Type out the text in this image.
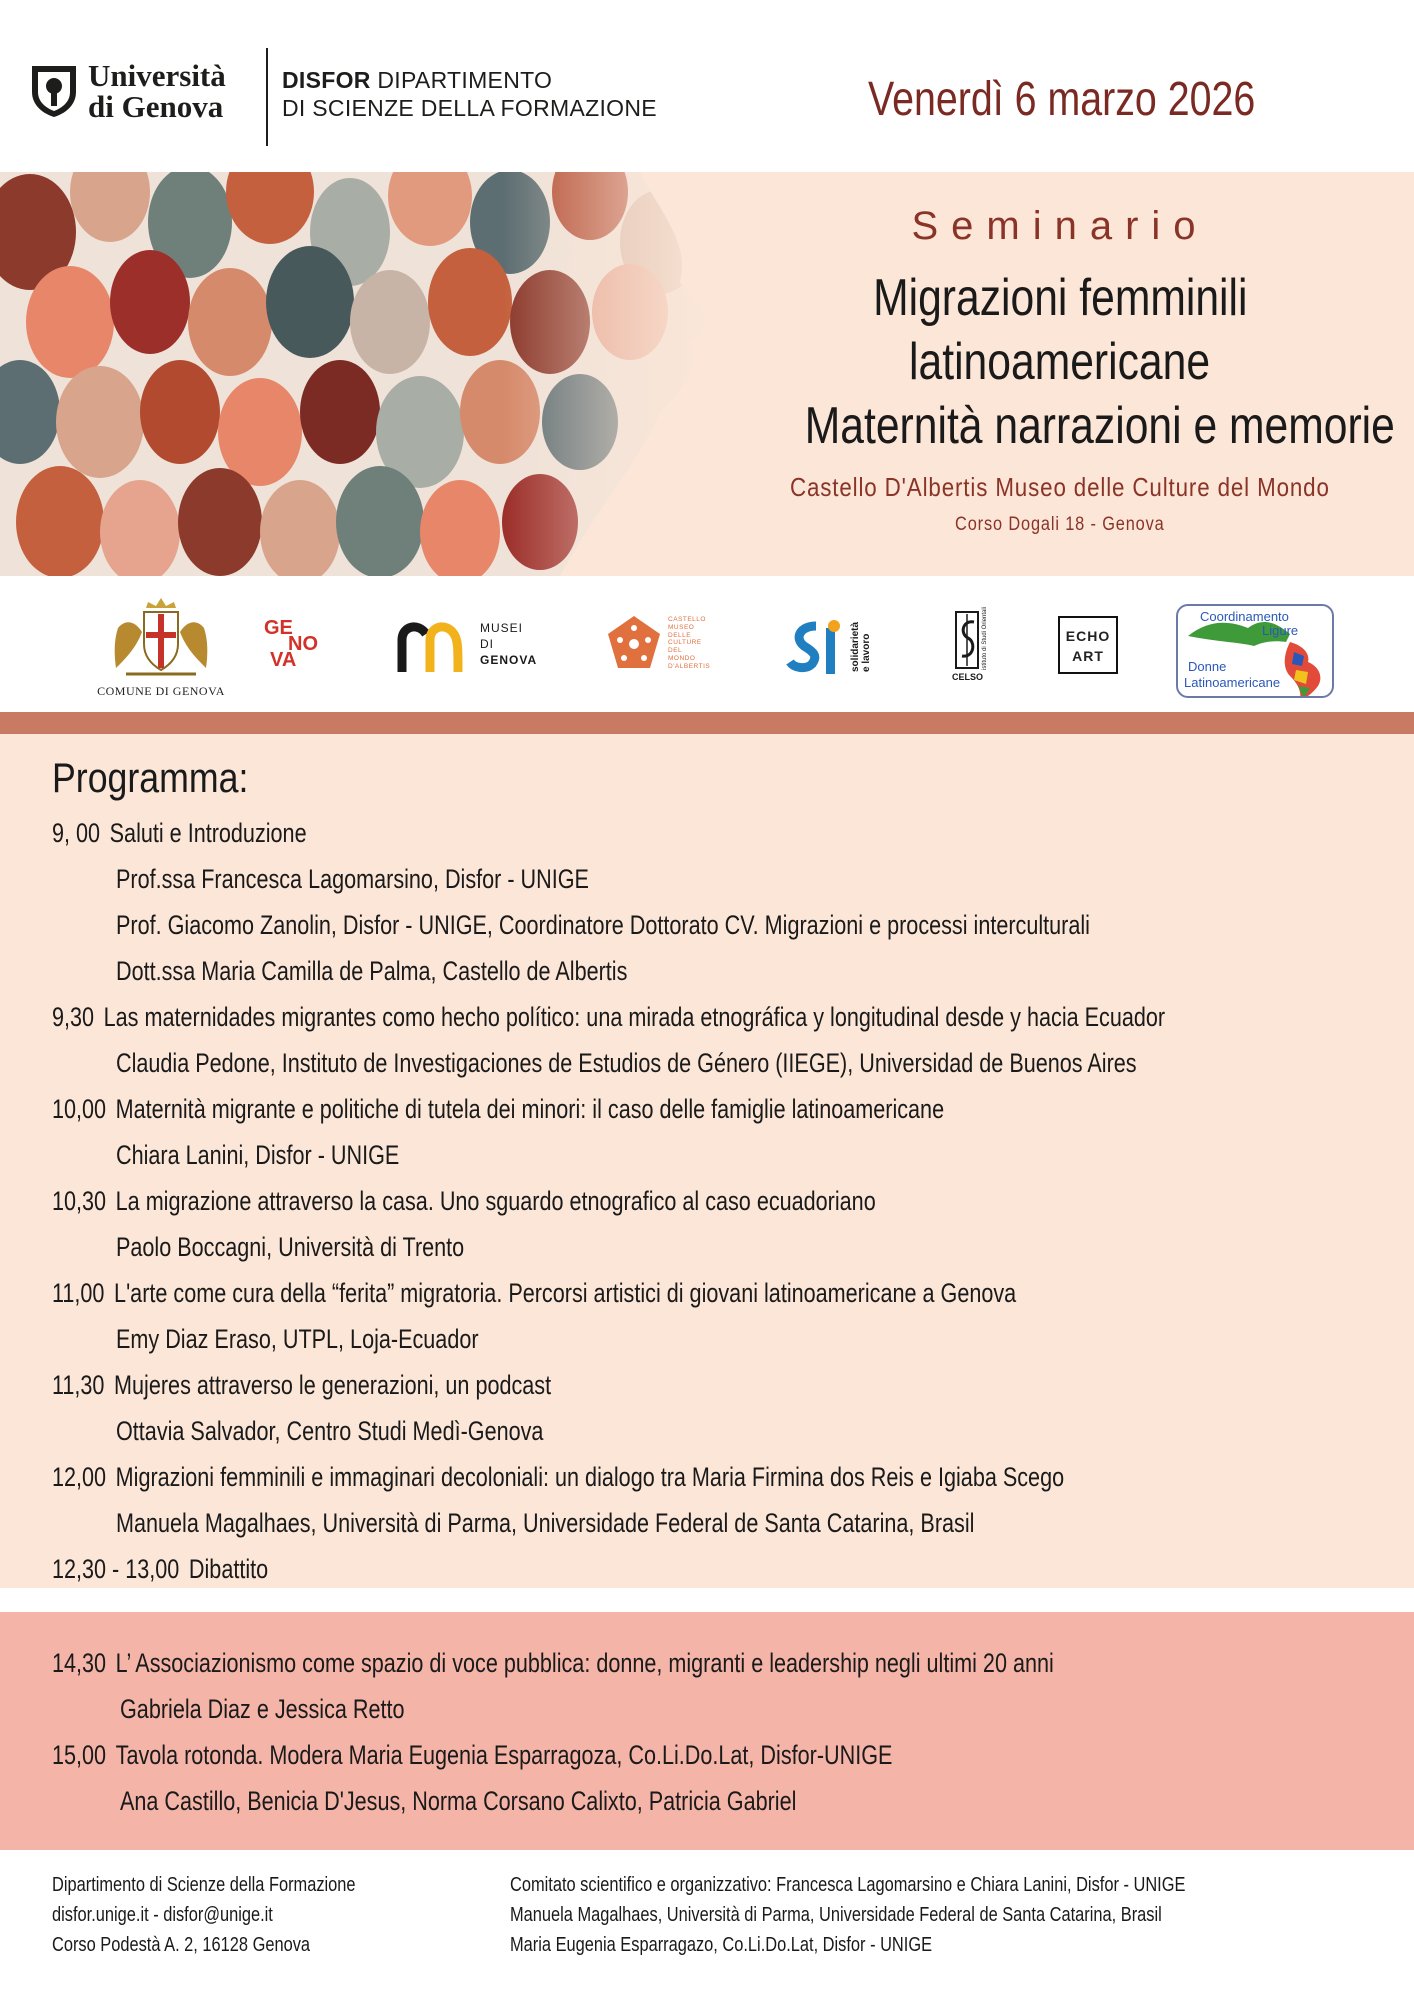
Università
di Genova
DISFOR DIPARTIMENTO
DI SCIENZE DELLA FORMAZIONE	Venerdì 6 marzo 2026
Seminario
Migrazioni femminili
latinoamericane
Maternità narrazioni e memorie
Castello D'Albertis Museo delle Culture del Mondo
Corso Dogali 18 - Genova
COMUNE DI GENOVA
GE
NO
VA
MUSEI
DI
GENOVA
CASTELLO
MUSEO
DELLE
CULTURE
DEL
MONDO
D'ALBERTIS	solidarietà e lavoro
CELSO
istituto di Studi Orientali	ECHO
ART
Coordinamento
Ligure
Donne
Latinoamericane
Programma:
9, 00 Saluti e Introduzione
Prof.ssa Francesca Lagomarsino, Disfor - UNIGE
Prof. Giacomo Zanolin, Disfor - UNIGE, Coordinatore Dottorato CV. Migrazioni e processi interculturali
Dott.ssa Maria Camilla de Palma, Castello de Albertis
9,30 Las maternidades migrantes como hecho político: una mirada etnográfica y longitudinal desde y hacia Ecuador
Claudia Pedone, Instituto de Investigaciones de Estudios de Género (IIEGE), Universidad de Buenos Aires
10,00 Maternità migrante e politiche di tutela dei minori: il caso delle famiglie latinoamericane
Chiara Lanini, Disfor - UNIGE
10,30 La migrazione attraverso la casa. Uno sguardo etnografico al caso ecuadoriano
Paolo Boccagni, Università di Trento
11,00 L'arte come cura della “ferita” migratoria. Percorsi artistici di giovani latinoamericane a Genova
Emy Diaz Eraso, UTPL, Loja-Ecuador
11,30 Mujeres attraverso le generazioni, un podcast
Ottavia Salvador, Centro Studi Medì-Genova
12,00 Migrazioni femminili e immaginari decoloniali: un dialogo tra Maria Firmina dos Reis e Igiaba Scego
Manuela Magalhaes, Università di Parma, Universidade Federal de Santa Catarina, Brasil
12,30 - 13,00 Dibattito
14,30 L’ Associazionismo come spazio di voce pubblica: donne, migranti e leadership negli ultimi 20 anni
Gabriela Diaz e Jessica Retto
15,00 Tavola rotonda. Modera Maria Eugenia Esparragoza, Co.Li.Do.Lat, Disfor-UNIGE
Ana Castillo, Benicia D'Jesus, Norma Corsano Calixto, Patricia Gabriel
Dipartimento di Scienze della Formazione
disfor.unige.it - disfor@unige.it
Corso Podestà A. 2, 16128 Genova
Comitato scientifico e organizzativo: Francesca Lagomarsino e Chiara Lanini, Disfor - UNIGE
Manuela Magalhaes, Università di Parma, Universidade Federal de Santa Catarina, Brasil
Maria Eugenia Esparragazo, Co.Li.Do.Lat, Disfor - UNIGE
